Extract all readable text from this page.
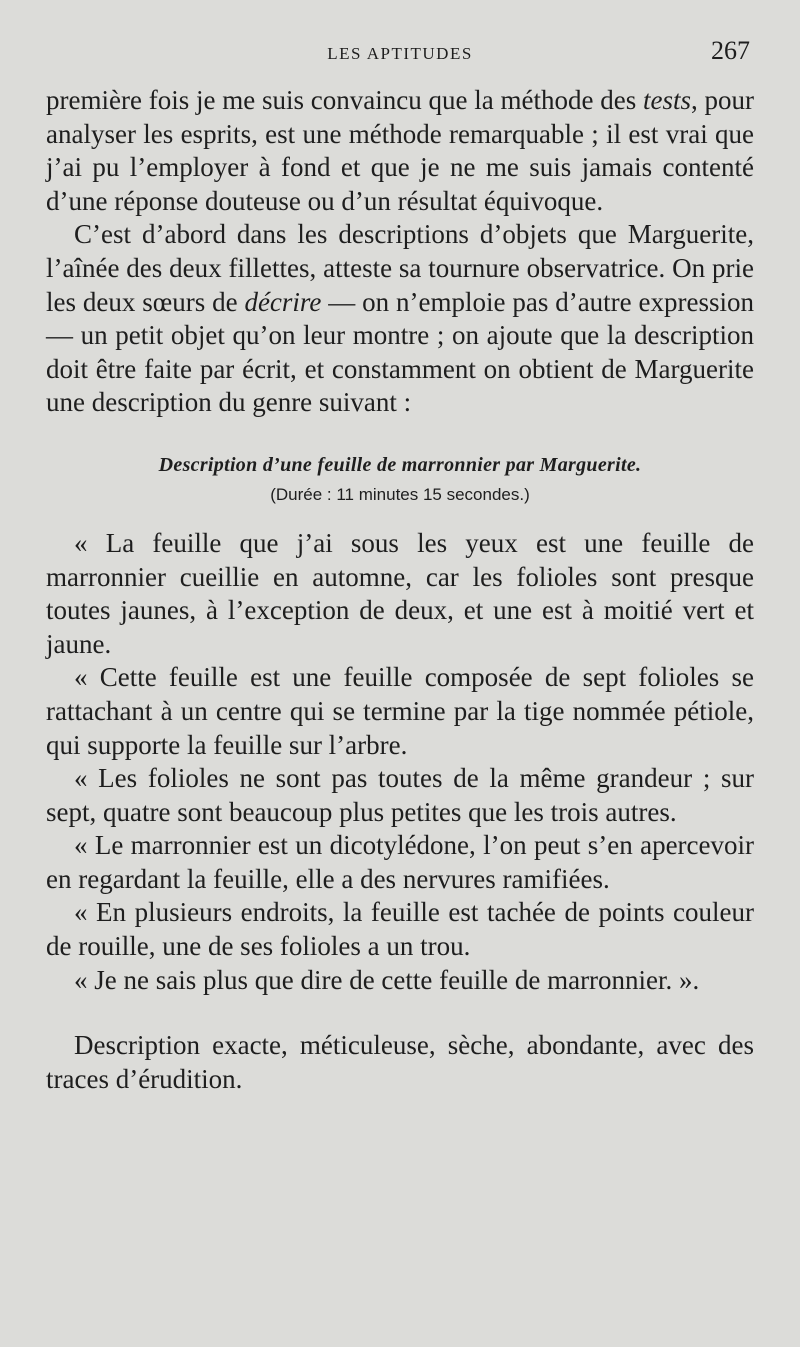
LES APTITUDES	267

première fois je me suis convaincu que la méthode des tests, pour analyser les esprits, est une méthode remarquable ; il est vrai que j’ai pu l’employer à fond et que je ne me suis jamais contenté d’une réponse douteuse ou d’un résultat équivoque.

C’est d’abord dans les descriptions d’objets que Marguerite, l’aînée des deux fillettes, atteste sa tournure observatrice. On prie les deux sœurs de décrire — on n’emploie pas d’autre expression — un petit objet qu’on leur montre ; on ajoute que la description doit être faite par écrit, et constamment on obtient de Marguerite une description du genre suivant :

Description d’une feuille de marronnier par Marguerite.
(Durée : 11 minutes 15 secondes.)

« La feuille que j’ai sous les yeux est une feuille de marronnier cueillie en automne, car les folioles sont presque toutes jaunes, à l’exception de deux, et une est à moitié vert et jaune.

« Cette feuille est une feuille composée de sept folioles se rattachant à un centre qui se termine par la tige nommée pétiole, qui supporte la feuille sur l’arbre.

« Les folioles ne sont pas toutes de la même grandeur ; sur sept, quatre sont beaucoup plus petites que les trois autres.

« Le marronnier est un dicotylédone, l’on peut s’en apercevoir en regardant la feuille, elle a des nervures ramifiées.

« En plusieurs endroits, la feuille est tachée de points couleur de rouille, une de ses folioles a un trou.

« Je ne sais plus que dire de cette feuille de marronnier. ».

Description exacte, méticuleuse, sèche, abondante, avec des traces d’érudition.
